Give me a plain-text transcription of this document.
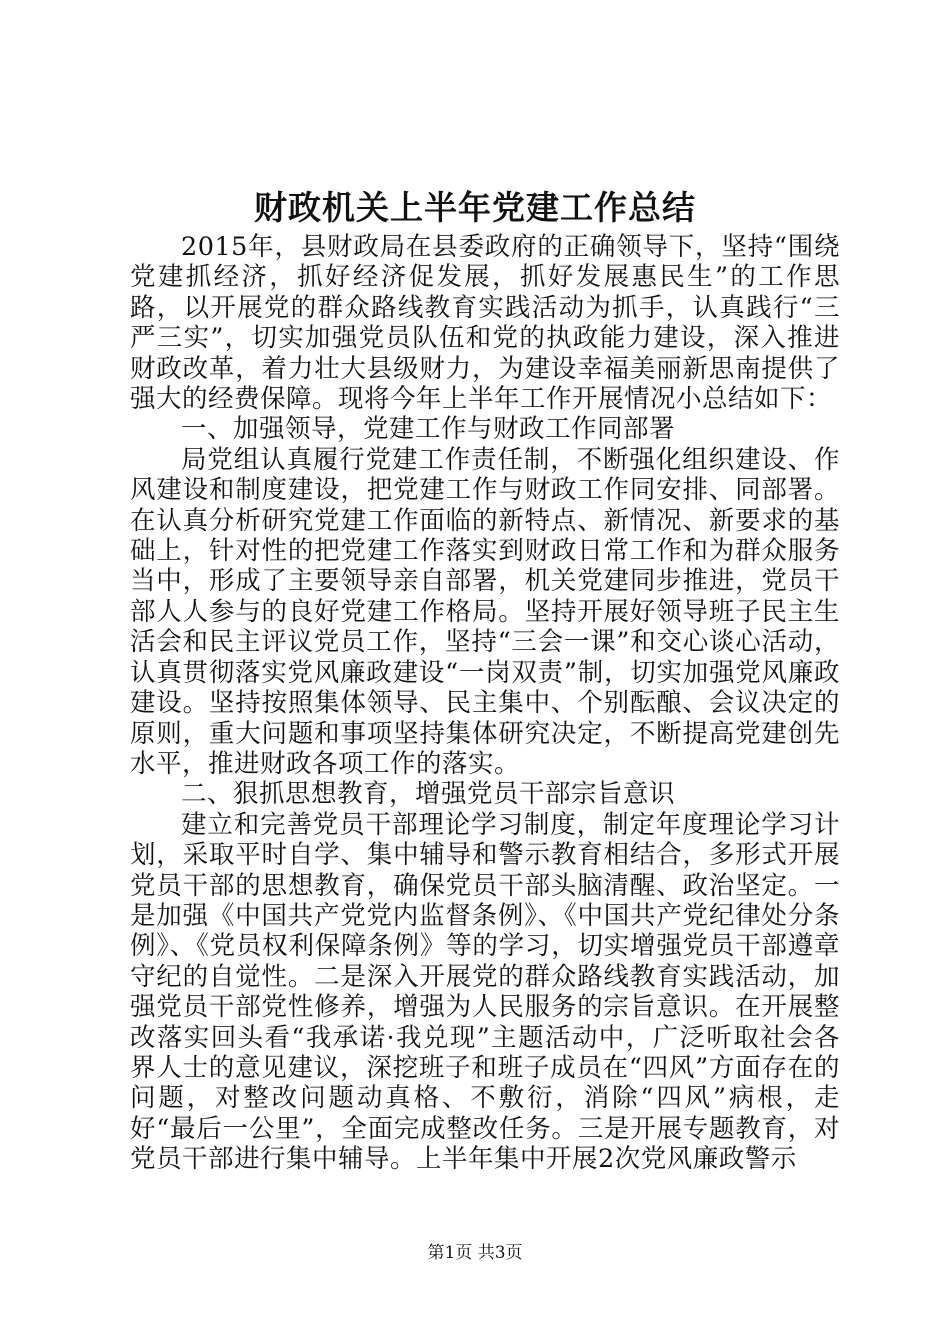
财政机关上半年党建工作总结

2015年，县财政局在县委政府的正确领导下，坚持“围绕党建抓经济，抓好经济促发展，抓好发展惠民生”的工作思路，以开展党的群众路线教育实践活动为抓手，认真践行“三严三实”，切实加强党员队伍和党的执政能力建设，深入推进财政改革，着力壮大县级财力，为建设幸福美丽新思南提供了强大的经费保障。现将今年上半年工作开展情况小总结如下：

一、加强领导，党建工作与财政工作同部署

局党组认真履行党建工作责任制，不断强化组织建设、作风建设和制度建设，把党建工作与财政工作同安排、同部署。在认真分析研究党建工作面临的新特点、新情况、新要求的基础上，针对性的把党建工作落实到财政日常工作和为群众服务当中，形成了主要领导亲自部署，机关党建同步推进，党员干部人人参与的良好党建工作格局。坚持开展好领导班子民主生活会和民主评议党员工作，坚持“三会一课”和交心谈心活动，认真贯彻落实党风廉政建设“一岗双责”制，切实加强党风廉政建设。坚持按照集体领导、民主集中、个别酝酿、会议决定的原则，重大问题和事项坚持集体研究决定，不断提高党建创先水平，推进财政各项工作的落实。

二、狠抓思想教育，增强党员干部宗旨意识

建立和完善党员干部理论学习制度，制定年度理论学习计划，采取平时自学、集中辅导和警示教育相结合，多形式开展党员干部的思想教育，确保党员干部头脑清醒、政治坚定。一是加强《中国共产党党内监督条例》、《中国共产党纪律处分条例》、《党员权利保障条例》等的学习，切实增强党员干部遵章守纪的自觉性。二是深入开展党的群众路线教育实践活动，加强党员干部党性修养，增强为人民服务的宗旨意识。在开展整改落实回头看“我承诺·我兑现”主题活动中，广泛听取社会各界人士的意见建议，深挖班子和班子成员在“四风”方面存在的问题，对整改问题动真格、不敷衍，消除“四风”病根，走好“最后一公里”，全面完成整改任务。三是开展专题教育，对党员干部进行集中辅导。上半年集中开展2次党风廉政警示

第1页 共3页
